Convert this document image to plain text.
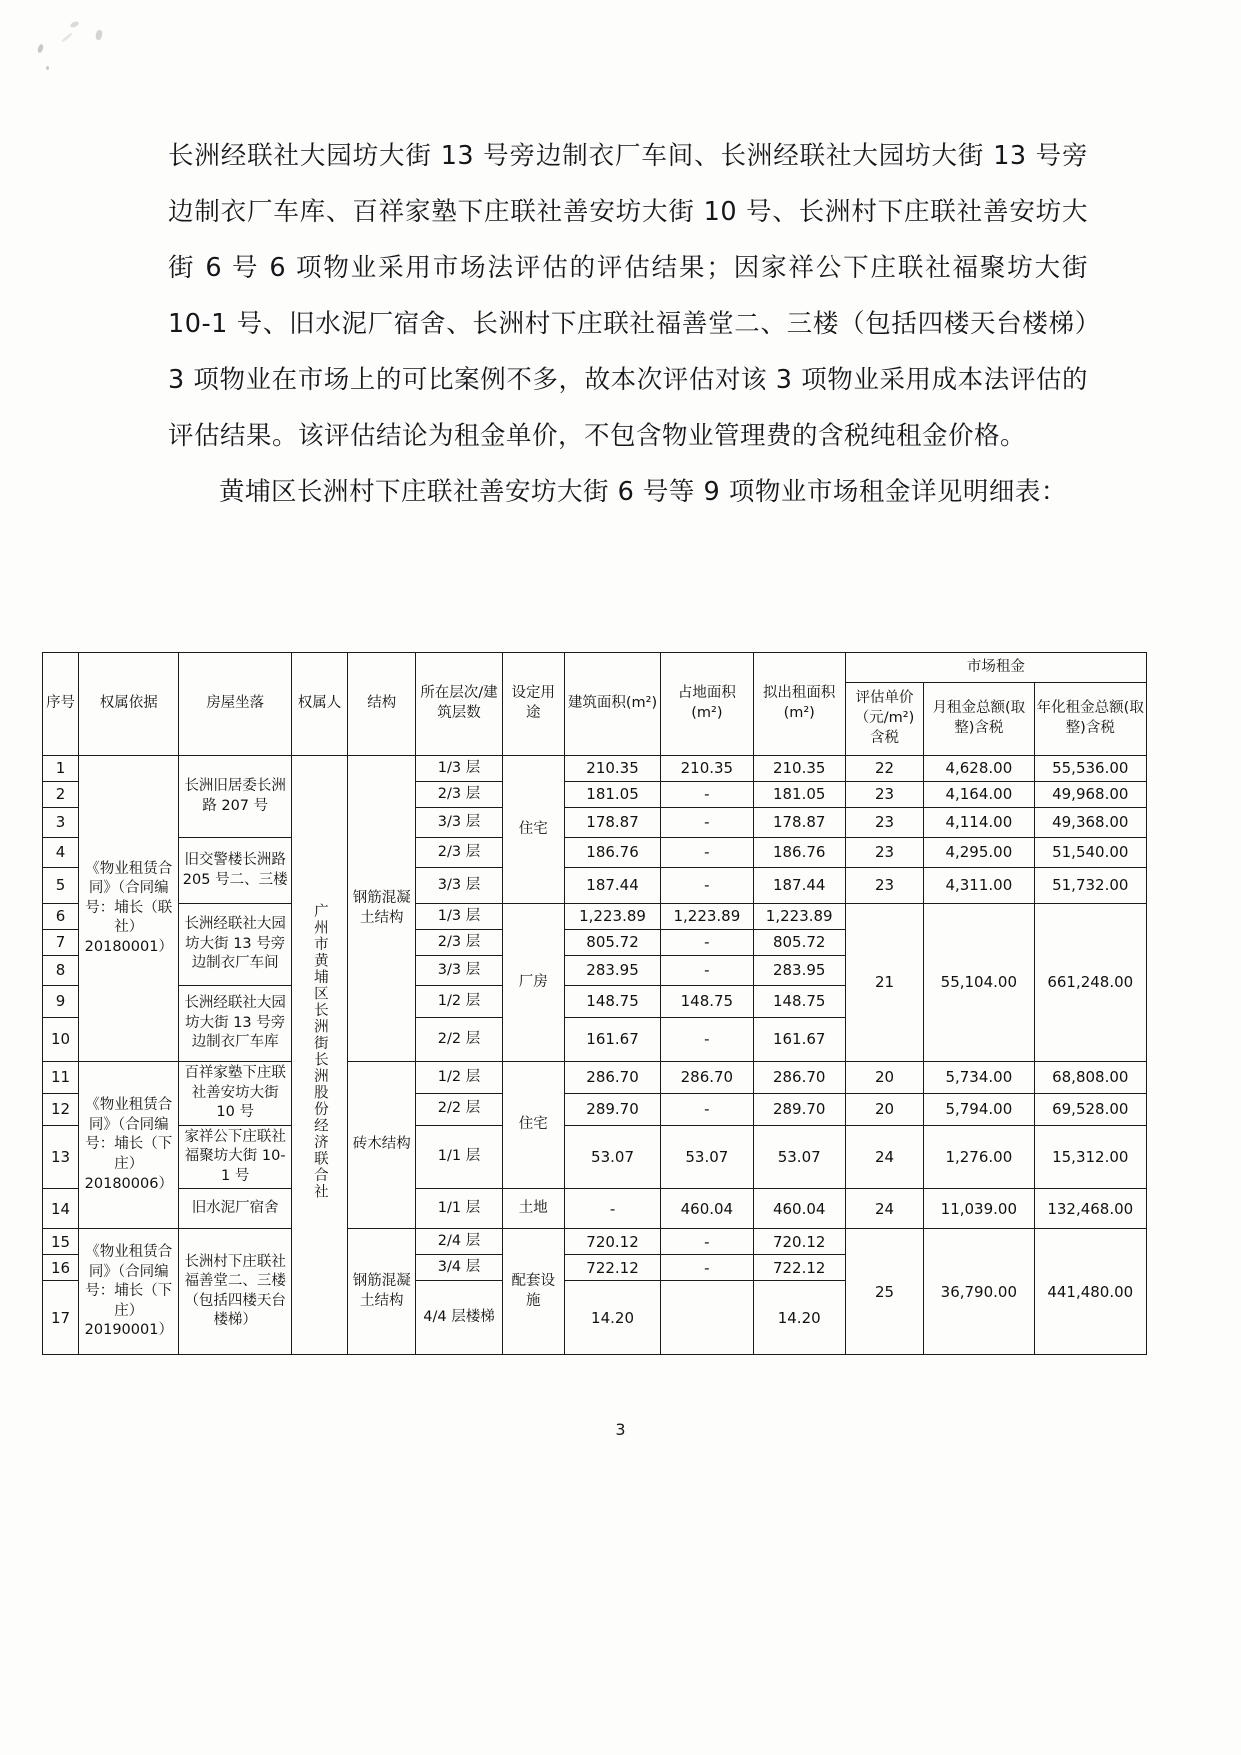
长洲经联社大园坊大街 13 号旁边制衣厂车间、长洲经联社大园坊大街 13 号旁边制衣厂车库、百祥家塾下庄联社善安坊大街 10 号、长洲村下庄联社善安坊大街 6 号 6 项物业采用市场法评估的评估结果；因家祥公下庄联社福聚坊大街 10-1 号、旧水泥厂宿舍、长洲村下庄联社福善堂二、三楼（包括四楼天台楼梯）3 项物业在市场上的可比案例不多，故本次评估对该 3 项物业采用成本法评估的评估结果。该评估结论为租金单价，不包含物业管理费的含税纯租金价格。

黄埔区长洲村下庄联社善安坊大街 6 号等 9 项物业市场租金详见明细表：

序号	权属依据	房屋坐落	权属人	结构	所在层次/建筑层数	设定用途	建筑面积(m²)	占地面积(m²)	拟出租面积(m²)	市场租金		
										评估单价（元/m²)含税	月租金总额(取整)含税	年化租金总额(取整)含税
1	《物业租赁合同》（合同编号：埔长（联社）20180001）	长洲旧居委长洲路 207 号	广州市黄埔区长洲街长洲股份经济联合社	钢筋混凝土结构	1/3 层	住宅	210.35	210.35	210.35	22	4,628.00	55,536.00
2					2/3 层		181.05	-	181.05	23	4,164.00	49,968.00
3					3/3 层		178.87	-	178.87	23	4,114.00	49,368.00
4		旧交警楼长洲路 205 号二、三楼			2/3 层		186.76	-	186.76	23	4,295.00	51,540.00
5					3/3 层		187.44	-	187.44	23	4,311.00	51,732.00
6		长洲经联社大园坊大街 13 号旁边制衣厂车间			1/3 层	厂房	1,223.89	1,223.89	1,223.89	21	55,104.00	661,248.00
7					2/3 层		805.72	-	805.72			
8					3/3 层		283.95	-	283.95			
9		长洲经联社大园坊大街 13 号旁边制衣厂车库			1/2 层		148.75	148.75	148.75			
10					2/2 层		161.67	-	161.67			
11	《物业租赁合同》（合同编号：埔长（下庄）20180006）	百祥家塾下庄联社善安坊大街 10 号		砖木结构	1/2 层	住宅	286.70	286.70	286.70	20	5,734.00	68,808.00
12					2/2 层		289.70	-	289.70	20	5,794.00	69,528.00
13		家祥公下庄联社福聚坊大街 10-1 号			1/1 层		53.07	53.07	53.07	24	1,276.00	15,312.00
14		旧水泥厂宿舍			1/1 层	土地	-	460.04	460.04	24	11,039.00	132,468.00
15	《物业租赁合同》（合同编号：埔长（下庄）20190001）	长洲村下庄联社福善堂二、三楼（包括四楼天台楼梯）		钢筋混凝土结构	2/4 层	配套设施	720.12	-	720.12	25	36,790.00	441,480.00
16					3/4 层		722.12	-	722.12			
17					4/4 层楼梯		14.20		14.20			
3
